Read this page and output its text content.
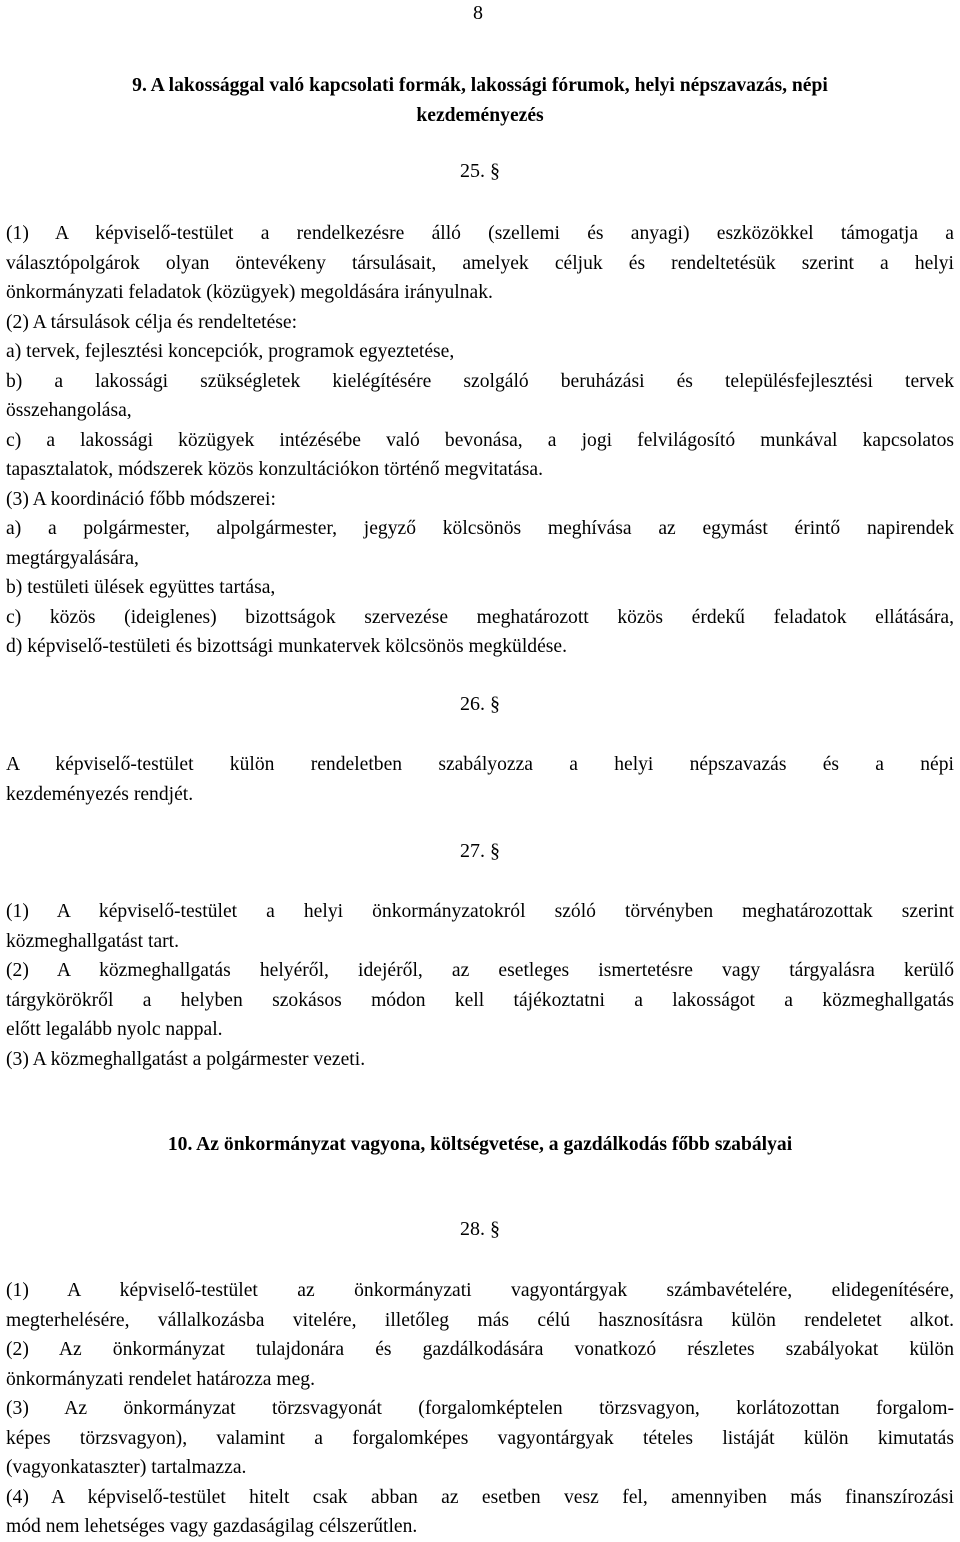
8
9. A lakossággal való kapcsolati formák, lakossági fórumok, helyi népszavazás, népi
kezdeményezés
25. §
(1) A képviselő-testület a rendelkezésre álló (szellemi és anyagi) eszközökkel támogatja a
választópolgárok olyan öntevékeny társulásait, amelyek céljuk és rendeltetésük szerint a helyi
önkormányzati feladatok (közügyek) megoldására irányulnak.
(2) A társulások célja és rendeltetése:
a) tervek, fejlesztési koncepciók, programok egyeztetése,
b) a lakossági szükségletek kielégítésére szolgáló beruházási és településfejlesztési tervek
összehangolása,
c) a lakossági közügyek intézésébe való bevonása, a jogi felvilágosító munkával kapcsolatos
tapasztalatok, módszerek közös konzultációkon történő megvitatása.
(3) A koordináció főbb módszerei:
a) a polgármester, alpolgármester, jegyző kölcsönös meghívása az egymást érintő napirendek
megtárgyalására,
b) testületi ülések együttes tartása,
c) közös (ideiglenes) bizottságok szervezése meghatározott közös érdekű feladatok ellátására,
d) képviselő-testületi és bizottsági munkatervek kölcsönös megküldése.
26. §
A képviselő-testület külön rendeletben szabályozza a helyi népszavazás és a népi
kezdeményezés rendjét.
27. §
(1) A képviselő-testület a helyi önkormányzatokról szóló törvényben meghatározottak szerint
közmeghallgatást tart.
(2) A közmeghallgatás helyéről, idejéről, az esetleges ismertetésre vagy tárgyalásra kerülő
tárgykörökről a helyben szokásos módon kell tájékoztatni a lakosságot a közmeghallgatás
előtt legalább nyolc nappal.
(3) A közmeghallgatást a polgármester vezeti.
10. Az önkormányzat vagyona, költségvetése, a gazdálkodás főbb szabályai
28. §
(1) A képviselő-testület az önkormányzati vagyontárgyak számbavételére, elidegenítésére,
megterhelésére, vállalkozásba vitelére, illetőleg más célú hasznosításra külön rendeletet alkot.
(2) Az önkormányzat tulajdonára és gazdálkodására vonatkozó részletes szabályokat külön
önkormányzati rendelet határozza meg.
(3) Az önkormányzat törzsvagyonát (forgalomképtelen törzsvagyon, korlátozottan forgalom-
képes törzsvagyon), valamint a forgalomképes vagyontárgyak tételes listáját külön kimutatás
(vagyonkataszter) tartalmazza.
(4) A képviselő-testület hitelt csak abban az esetben vesz fel, amennyiben más finanszírozási
mód nem lehetséges vagy gazdaságilag célszerűtlen.
